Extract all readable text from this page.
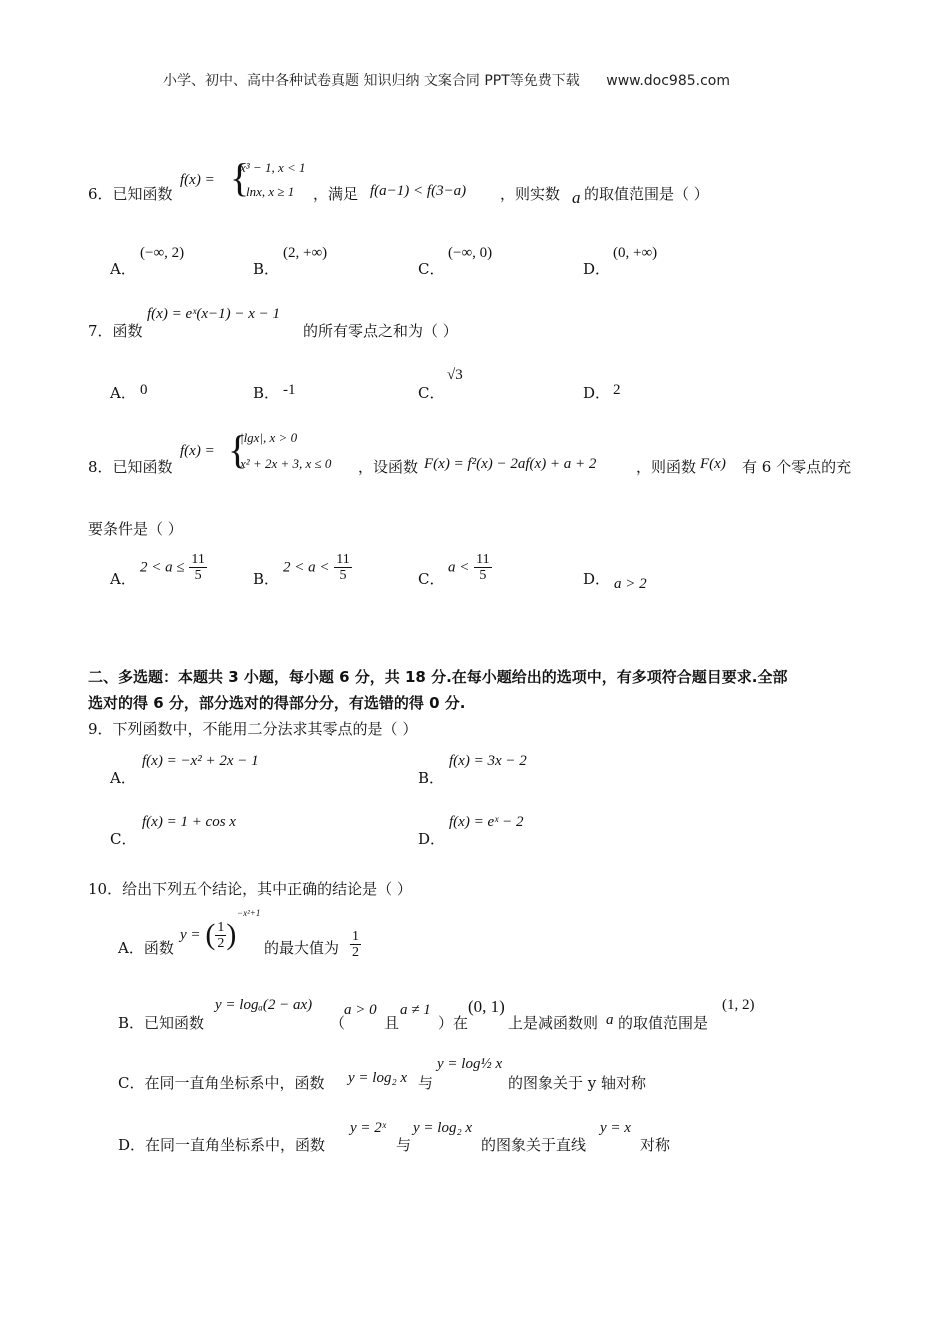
小学、初中、高中各种试卷真题 知识归纳 文案合同 PPT等免费下载 www.doc985.com
6．已知函数
f(x) = {
x³ − 1, x < 1
lnx, x ≥ 1 ，满足 f(a−1) < f(3−a) ，则实数 a 的取值范围是（ ）
A．
(−∞, 2)
B．
(2, +∞)
C．
(−∞, 0)
D．
(0, +∞)
7．函数
f(x) = eˣ(x−1) − x − 1
的所有零点之和为（ ）
A． 0	B． -1	C．
√3
D． 2
8．已知函数
f(x) = {
|lgx|, x > 0
x² + 2x + 3, x ≤ 0 ，设函数 F(x) = f²(x) − 2af(x) + a + 2	，则函数 F(x) 有 6 个零点的充
要条件是（ ）
A．
$2 < a \le \frac{11}{5}$	B．
$2 < a < \frac{11}{5}$	C．
$a < \frac{11}{5}$	D． a > 2
二、多选题：本题共 3 小题，每小题 6 分，共 18 分.在每小题给出的选项中，有多项符合题目要求.全部
选对的得 6 分，部分选对的得部分分，有选错的得 0 分.
9．下列函数中，不能用二分法求其零点的是（ ）
A．
f(x) = −x² + 2x − 1
B．
f(x) = 3x − 2
C．
f(x) = 1 + cos x
D．
f(x) = eˣ − 2
10．给出下列五个结论，其中正确的结论是（ ）
A．函数
y = ( $\frac{1}{2}$ )
−x²+1
的最大值为 $\frac{1}{2}$
B．已知函数
y = logₐ(2 − ax)
（
a > 0
且
a ≠ 1
）在
(0, 1)
上是减函数则 a 的取值范围是
(1, 2)
C．在同一直角坐标系中，函数 y = log₂ x 与
y = log½ x
的图象关于 y 轴对称
D．在同一直角坐标系中，函数
y = 2ˣ
与
y = log₂ x
的图象关于直线
y = x
对称
